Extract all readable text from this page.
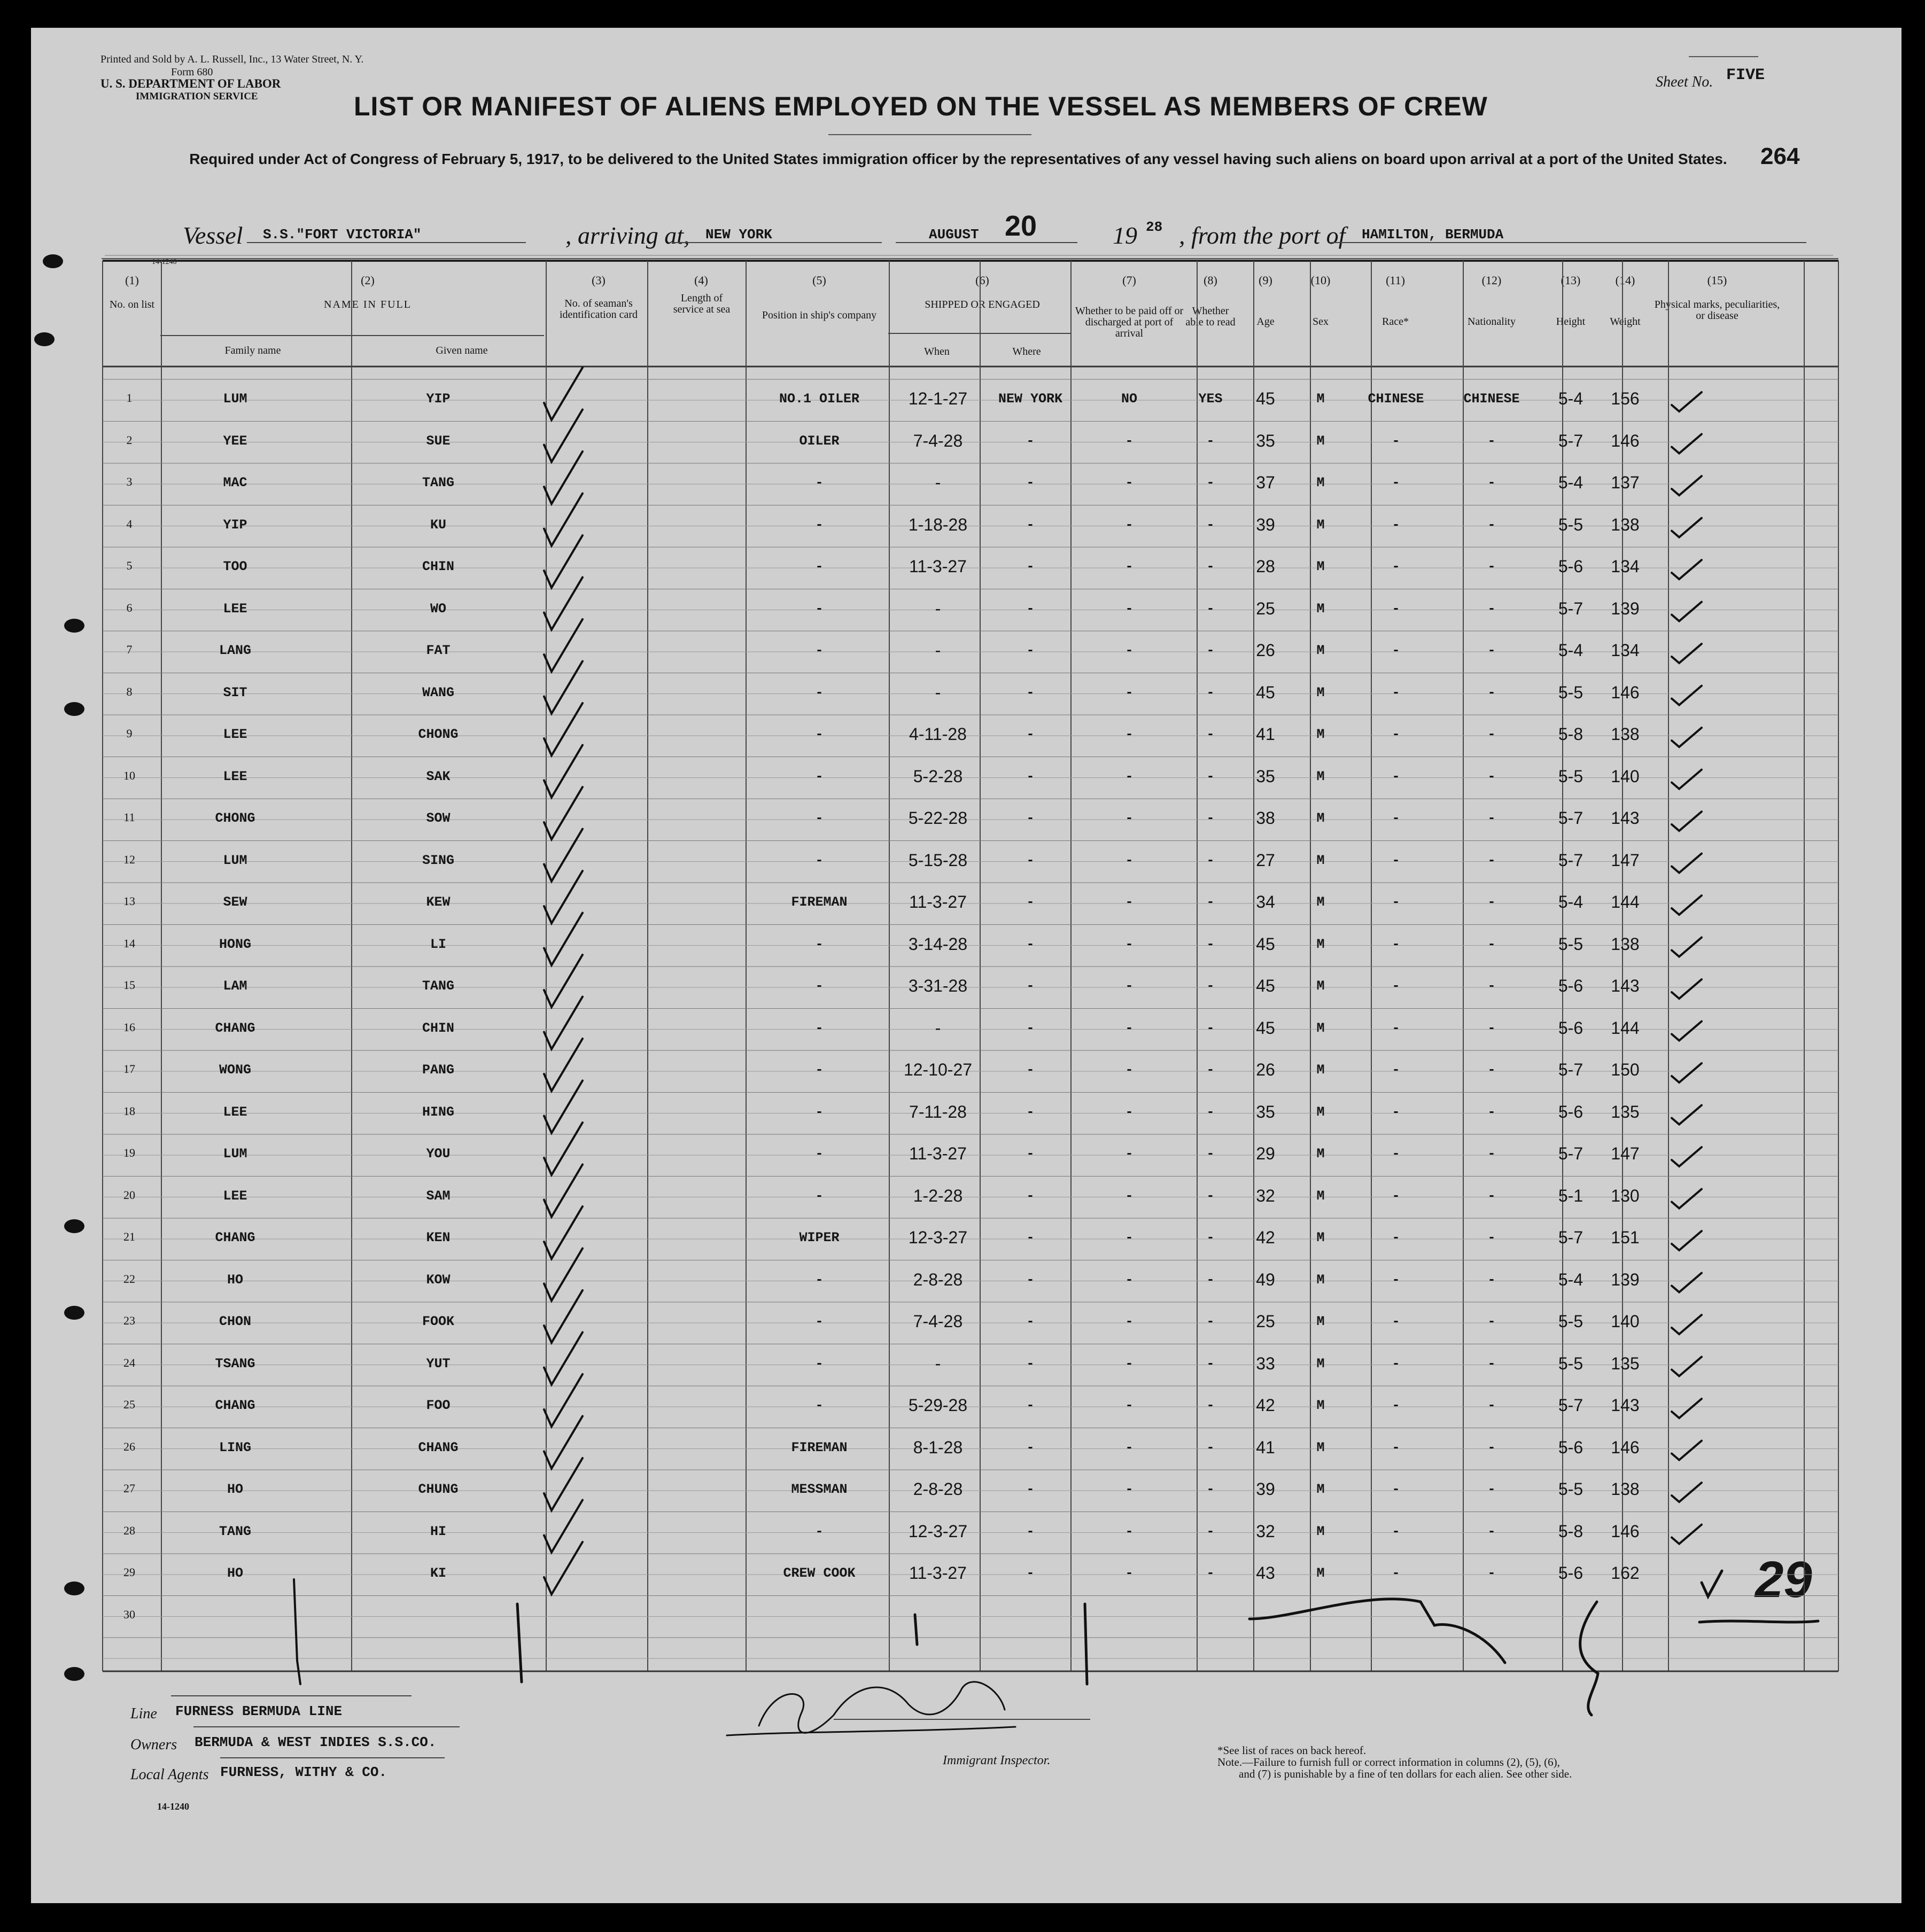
Printed and Sold by A. L. Russell, Inc., 13 Water Street, N. Y.
Form 680
U. S. DEPARTMENT OF LABOR
IMMIGRATION SERVICE
Sheet No. FIVE
264
LIST OR MANIFEST OF ALIENS EMPLOYED ON THE VESSEL AS MEMBERS OF CREW
Required under Act of Congress of February 5, 1917, to be delivered to the United States immigration officer by the representatives of any vessel having such aliens on board upon arrival at a port of the United States.
Vessel S.S."FORT VICTORIA"	, arriving at, NEW YORK	AUGUST 20	19 28 , from the port of HAMILTON, BERMUDA
14-1240
(1)
No. on list
(2)
NAME IN FULL
Family name	Given name
(3)
No. of seaman's identification card
(4)
Length of service at sea
(5)
Position in ship's company
(6)
SHIPPED OR ENGAGED
When	Where
(7)
Whether to be paid off or discharged at port of arrival
(8)
Whether able to read
(9)
Age
(10)
Sex
(11)
Race*
(12)
Nationality
(13)
Height
(14)
Weight
(15)
Physical marks, peculiarities, or disease
Line FURNESS BERMUDA LINE
Owners BERMUDA & WEST INDIES S.S.CO.
Local Agents FURNESS, WITHY & CO.
Immigrant Inspector.
*See list of races on back hereof.
Note.—Failure to furnish full or correct information in columns (2), (5), (6),
and (7) is punishable by a fine of ten dollars for each alien. See other side.
14-1240
29
1	LUM	YIP	NO.1 OILER	12-1-27	NEW YORK	NO	YES	45	M	CHINESE	CHINESE	5-4	156
2	YEE	SUE	OILER	7-4-28	-	-	-	35	M	-	-	5-7	146
3	MAC	TANG	-	-	-	-	-	37	M	-	-	5-4	137
4	YIP	KU	-	1-18-28	-	-	-	39	M	-	-	5-5	138
5	TOO	CHIN	-	11-3-27	-	-	-	28	M	-	-	5-6	134
6	LEE	WO	-	-	-	-	-	25	M	-	-	5-7	139
7	LANG	FAT	-	-	-	-	-	26	M	-	-	5-4	134
8	SIT	WANG	-	-	-	-	-	45	M	-	-	5-5	146
9	LEE	CHONG	-	4-11-28	-	-	-	41	M	-	-	5-8	138
10	LEE	SAK	-	5-2-28	-	-	-	35	M	-	-	5-5	140
11	CHONG	SOW	-	5-22-28	-	-	-	38	M	-	-	5-7	143
12	LUM	SING	-	5-15-28	-	-	-	27	M	-	-	5-7	147
13	SEW	KEW	FIREMAN	11-3-27	-	-	-	34	M	-	-	5-4	144
14	HONG	LI	-	3-14-28	-	-	-	45	M	-	-	5-5	138
15	LAM	TANG	-	3-31-28	-	-	-	45	M	-	-	5-6	143
16	CHANG	CHIN	-	-	-	-	-	45	M	-	-	5-6	144
17	WONG	PANG	-	12-10-27	-	-	-	26	M	-	-	5-7	150
18	LEE	HING	-	7-11-28	-	-	-	35	M	-	-	5-6	135
19	LUM	YOU	-	11-3-27	-	-	-	29	M	-	-	5-7	147
20	LEE	SAM	-	1-2-28	-	-	-	32	M	-	-	5-1	130
21	CHANG	KEN	WIPER	12-3-27	-	-	-	42	M	-	-	5-7	151
22	HO	KOW	-	2-8-28	-	-	-	49	M	-	-	5-4	139
23	CHON	FOOK	-	7-4-28	-	-	-	25	M	-	-	5-5	140
24	TSANG	YUT	-	-	-	-	-	33	M	-	-	5-5	135
25	CHANG	FOO	-	5-29-28	-	-	-	42	M	-	-	5-7	143
26	LING	CHANG	FIREMAN	8-1-28	-	-	-	41	M	-	-	5-6	146
27	HO	CHUNG	MESSMAN	2-8-28	-	-	-	39	M	-	-	5-5	138
28	TANG	HI	-	12-3-27	-	-	-	32	M	-	-	5-8	146
29	HO	KI	CREW COOK	11-3-27	-	-	-	43	M	-	-	5-6	162
30
